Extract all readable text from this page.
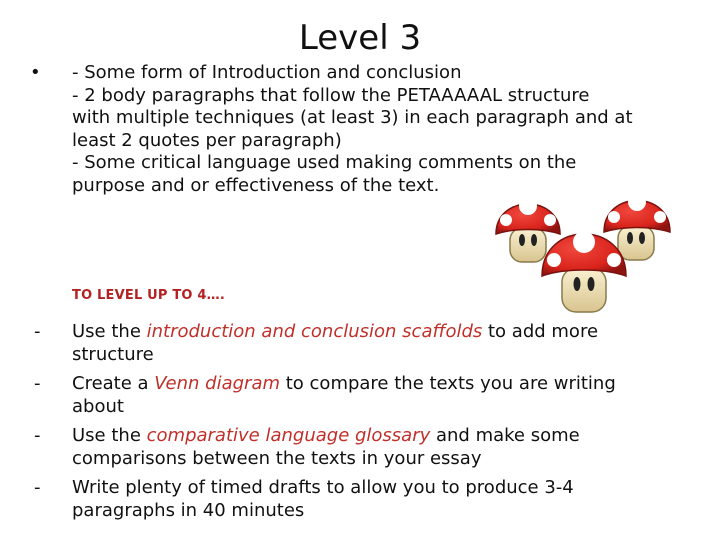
Level 3
• - Some form of Introduction and conclusion
- 2 body paragraphs that follow the PETAAAAAL structure
with multiple techniques (at least 3) in each paragraph and at
least 2 quotes per paragraph)
- Some critical language used making comments on the
purpose and or effectiveness of the text.
TO LEVEL UP TO 4….
- Use the introduction and conclusion scaffolds to add more
structure
- Create a Venn diagram to compare the texts you are writing
about
- Use the comparative language glossary and make some
comparisons between the texts in your essay
- Write plenty of timed drafts to allow you to produce 3-4
paragraphs in 40 minutes
